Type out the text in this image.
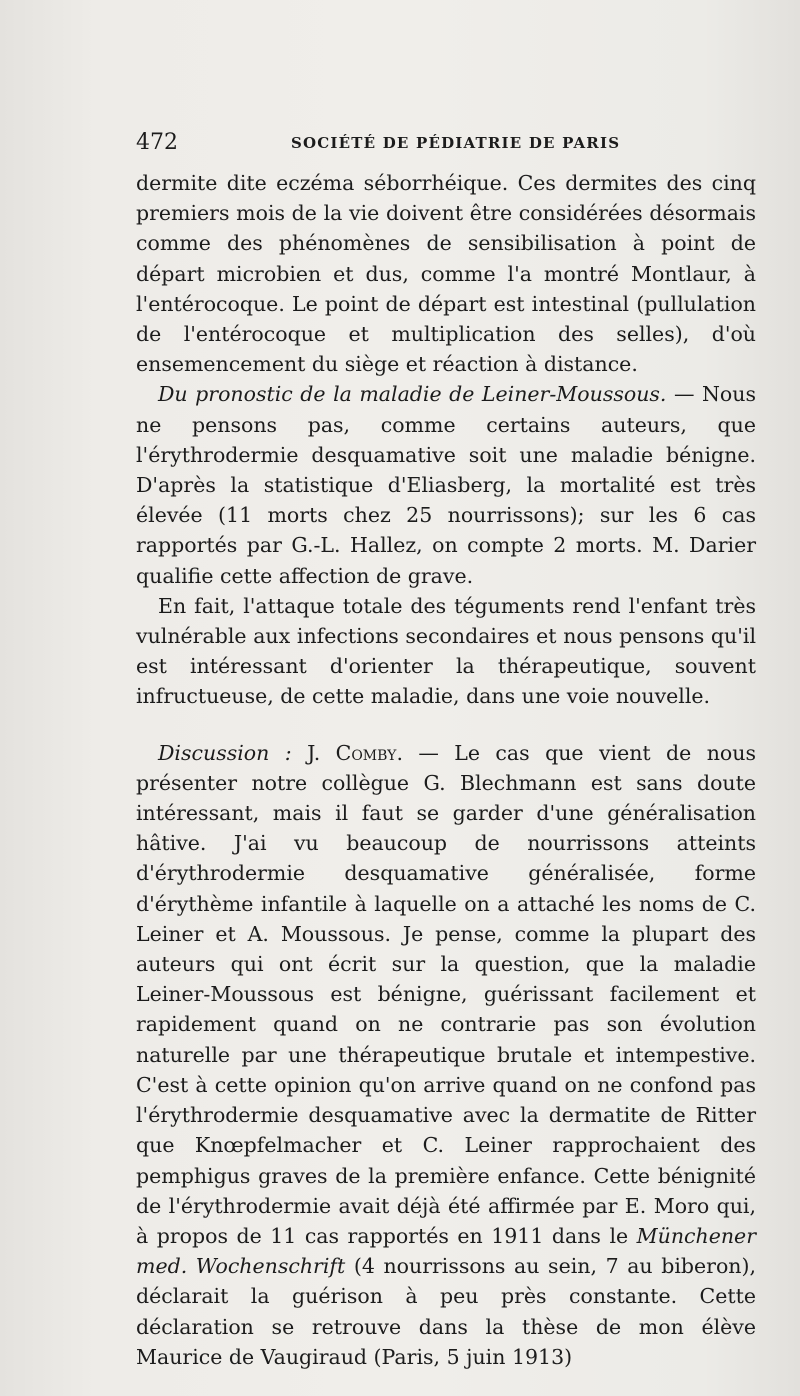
472	SOCIÉTÉ DE PÉDIATRIE DE PARIS

dermite dite eczéma séborrhéique. Ces dermites des cinq premiers mois de la vie doivent être considérées désormais comme des phénomènes de sensibilisation à point de départ microbien et dus, comme l'a montré Montlaur, à l'entérocoque. Le point de départ est intestinal (pullulation de l'entérocoque et multiplication des selles), d'où ensemencement du siège et réaction à distance.

Du pronostic de la maladie de Leiner-Moussous. — Nous ne pensons pas, comme certains auteurs, que l'érythrodermie desquamative soit une maladie bénigne. D'après la statistique d'Eliasberg, la mortalité est très élevée (11 morts chez 25 nourrissons); sur les 6 cas rapportés par G.-L. Hallez, on compte 2 morts. M. Darier qualifie cette affection de grave.

En fait, l'attaque totale des téguments rend l'enfant très vulnérable aux infections secondaires et nous pensons qu'il est intéressant d'orienter la thérapeutique, souvent infructueuse, de cette maladie, dans une voie nouvelle.

Discussion : J. Comby. — Le cas que vient de nous présenter notre collègue G. Blechmann est sans doute intéressant, mais il faut se garder d'une généralisation hâtive. J'ai vu beaucoup de nourrissons atteints d'érythrodermie desquamative généralisée, forme d'érythème infantile à laquelle on a attaché les noms de C. Leiner et A. Moussous. Je pense, comme la plupart des auteurs qui ont écrit sur la question, que la maladie Leiner-Moussous est bénigne, guérissant facilement et rapidement quand on ne contrarie pas son évolution naturelle par une thérapeutique brutale et intempestive. C'est à cette opinion qu'on arrive quand on ne confond pas l'érythrodermie desquamative avec la dermatite de Ritter que Knœpfelmacher et C. Leiner rapprochaient des pemphigus graves de la première enfance. Cette bénignité de l'érythrodermie avait déjà été affirmée par E. Moro qui, à propos de 11 cas rapportés en 1911 dans le Münchener med. Wochenschrift (4 nourrissons au sein, 7 au biberon), déclarait la guérison à peu près constante. Cette déclaration se retrouve dans la thèse de mon élève Maurice de Vaugiraud (Paris, 5 juin 1913)
